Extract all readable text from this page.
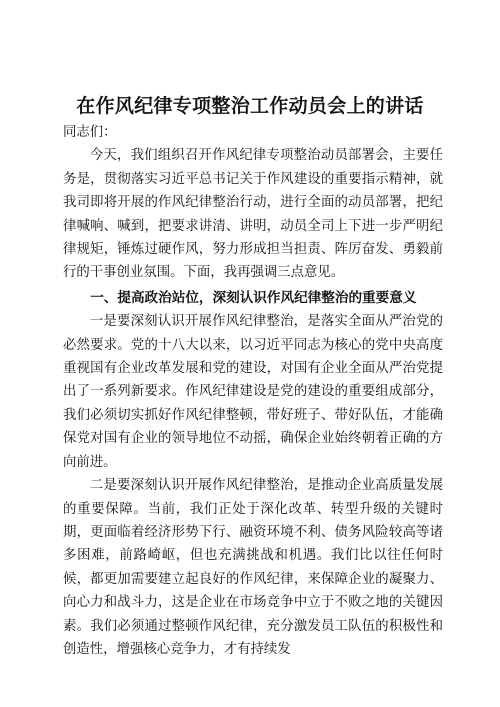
在作风纪律专项整治工作动员会上的讲话

同志们：

今天，我们组织召开作风纪律专项整治动员部署会，主要任务是，贯彻落实习近平总书记关于作风建设的重要指示精神，就我司即将开展的作风纪律整治行动，进行全面的动员部署，把纪律喊响、喊到，把要求讲清、讲明，动员全司上下进一步严明纪律规矩，锤炼过硬作风，努力形成担当担责、阵厉奋发、勇毅前行的干事创业氛围。下面，我再强调三点意见。

一、提高政治站位，深刻认识作风纪律整治的重要意义

一是要深刻认识开展作风纪律整治，是落实全面从严治党的必然要求。党的十八大以来，以习近平同志为核心的党中央高度重视国有企业改革发展和党的建设，对国有企业全面从严治党提出了一系列新要求。作风纪律建设是党的建设的重要组成部分，我们必须切实抓好作风纪律整顿，带好班子、带好队伍，才能确保党对国有企业的领导地位不动摇，确保企业始终朝着正确的方向前进。

二是要深刻认识开展作风纪律整治，是推动企业高质量发展的重要保障。当前，我们正处于深化改革、转型升级的关键时期，更面临着经济形势下行、融资环境不利、债务风险较高等诸多困难，前路崎岖，但也充满挑战和机遇。我们比以往任何时候，都更加需要建立起良好的作风纪律，来保障企业的凝聚力、向心力和战斗力，这是企业在市场竞争中立于不败之地的关键因素。我们必须通过整顿作风纪律，充分激发员工队伍的积极性和创造性，增强核心竞争力，才有持续发
